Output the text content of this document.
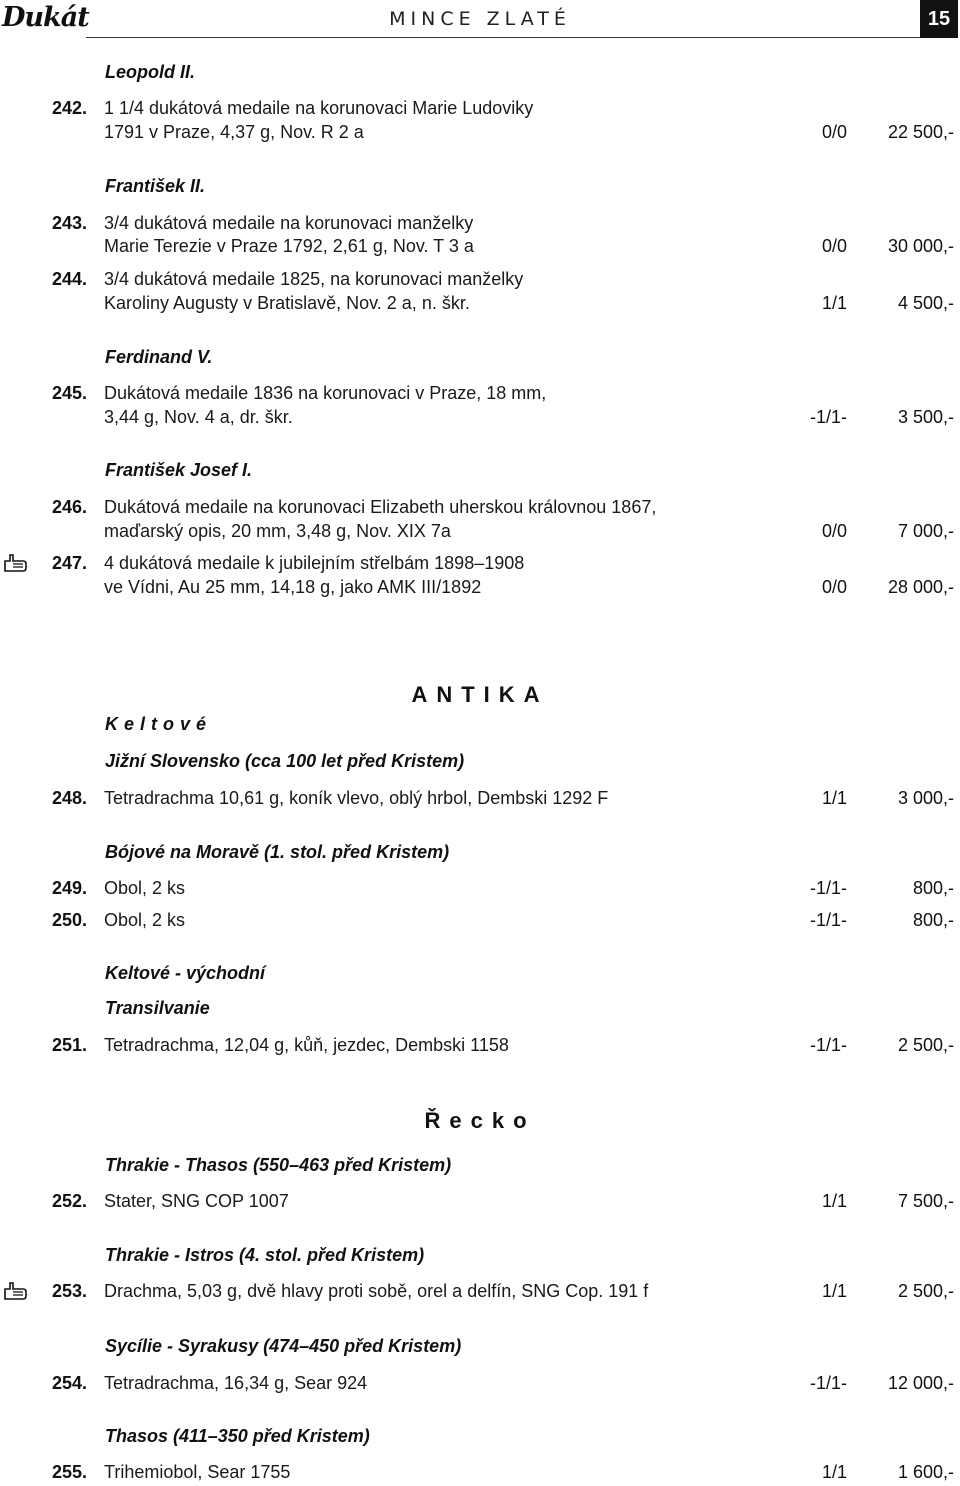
Dukát	MINCE ZLATÉ	15
Leopold II.
242. 1 1/4 dukátová medaile na korunovaci Marie Ludoviky
1791 v Praze, 4,37 g, Nov. R 2 a	0/0 22 500,-
František II.
243. 3/4 dukátová medaile na korunovaci manželky
Marie Terezie v Praze 1792, 2,61 g, Nov. T 3 a	0/0 30 000,-
244. 3/4 dukátová medaile 1825, na korunovaci manželky
Karoliny Augusty v Bratislavě, Nov. 2 a, n. škr.	1/1	4 500,-
Ferdinand V.
245. Dukátová medaile 1836 na korunovaci v Praze, 18 mm,
3,44 g, Nov. 4 a, dr. škr.	-1/1-	3 500,-
František Josef I.
246. Dukátová medaile na korunovaci Elizabeth uherskou královnou 1867,
maďarský opis, 20 mm, 3,48 g, Nov. XIX 7a	0/0	7 000,-
247. 4 dukátová medaile k jubilejním střelbám 1898–1908
ve Vídni, Au 25 mm, 14,18 g, jako AMK III/1892	0/0 28 000,-
ANTIKA
Keltové
Jižní Slovensko (cca 100 let před Kristem)
248. Tetradrachma 10,61 g, koník vlevo, oblý hrbol, Dembski 1292 F	1/1	3 000,-
Bójové na Moravě (1. stol. před Kristem)
249. Obol, 2 ks	-1/1-	800,-
250. Obol, 2 ks	-1/1-	800,-
Keltové - východní
Transilvanie
251. Tetradrachma, 12,04 g, kůň, jezdec, Dembski 1158	-1/1-	2 500,-
Řecko
Thrakie - Thasos (550–463 před Kristem)
252. Stater, SNG COP 1007	1/1	7 500,-
Thrakie - Istros (4. stol. před Kristem)
253. Drachma, 5,03 g, dvě hlavy proti sobě, orel a delfín, SNG Cop. 191 f	1/1	2 500,-
Sycílie - Syrakusy (474–450 před Kristem)
254. Tetradrachma, 16,34 g, Sear 924	-1/1- 12 000,-
Thasos (411–350 před Kristem)
255. Trihemiobol, Sear 1755	1/1	1 600,-
